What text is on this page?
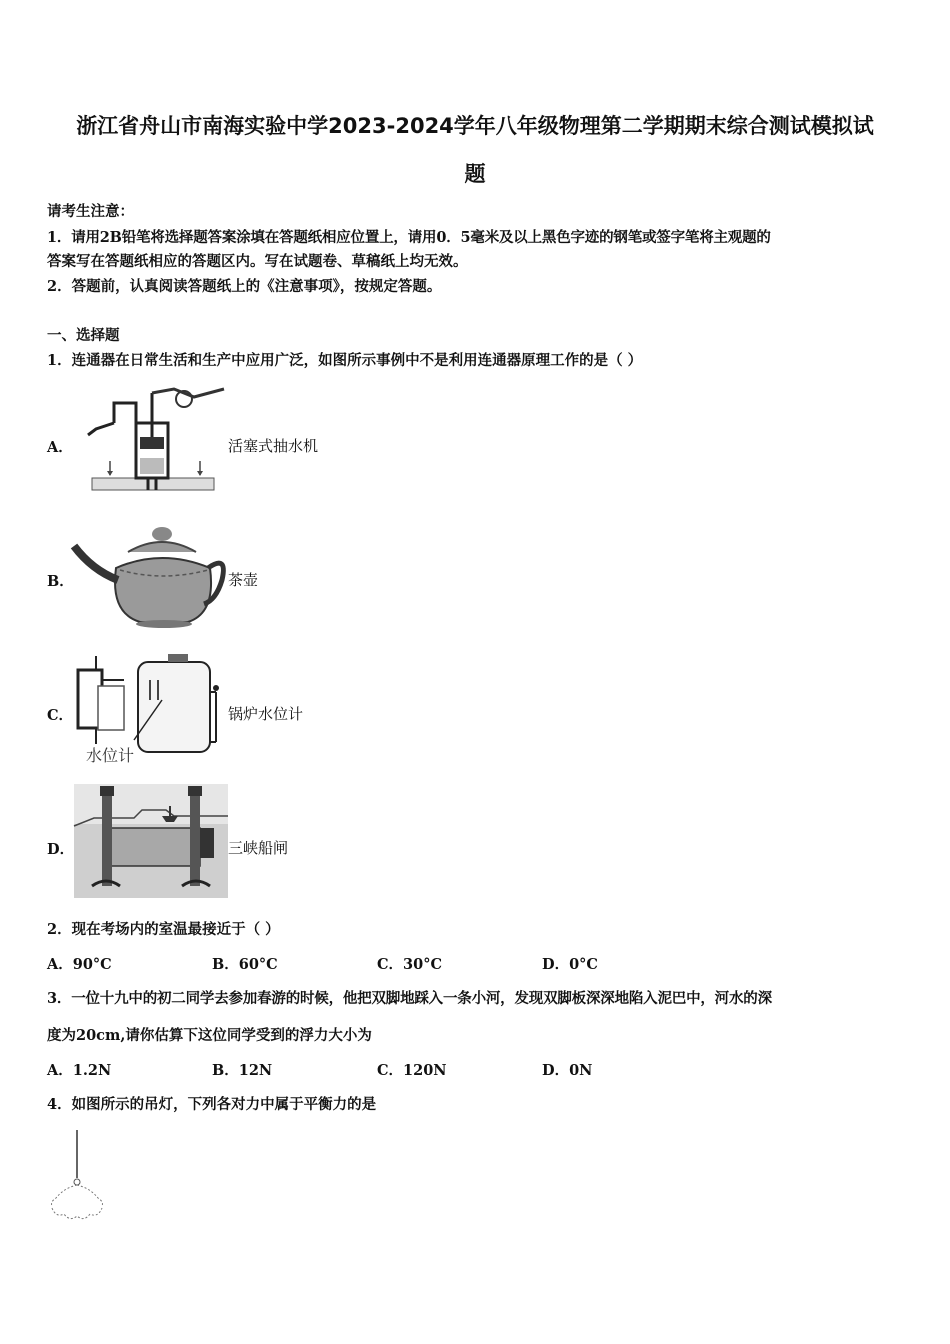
浙江省舟山市南海实验中学2023-2024学年八年级物理第二学期期末综合测试模拟试
题
请考生注意：
1．请用2B铅笔将选择题答案涂填在答题纸相应位置上，请用0．5毫米及以上黑色字迹的钢笔或签字笔将主观题的
答案写在答题纸相应的答题区内。写在试题卷、草稿纸上均无效。
2．答题前，认真阅读答题纸上的《注意事项》，按规定答题。
一、选择题
1．连通器在日常生活和生产中应用广泛，如图所示事例中不是利用连通器原理工作的是（ ）
A．	活塞式抽水机
B．	茶壶
C．
水位计
锅炉水位计
D．	三峡船闸
2．现在考场内的室温最接近于（ ）
A．90°C	B．60°C	C．30°C	D．0°C
3．一位十九中的初二同学去参加春游的时候，他把双脚地踩入一条小河，发现双脚板深深地陷入泥巴中，河水的深
度为20cm,请你估算下这位同学受到的浮力大小为
A．1.2N	B．12N	C．120N	D．0N
4．如图所示的吊灯，下列各对力中属于平衡力的是
